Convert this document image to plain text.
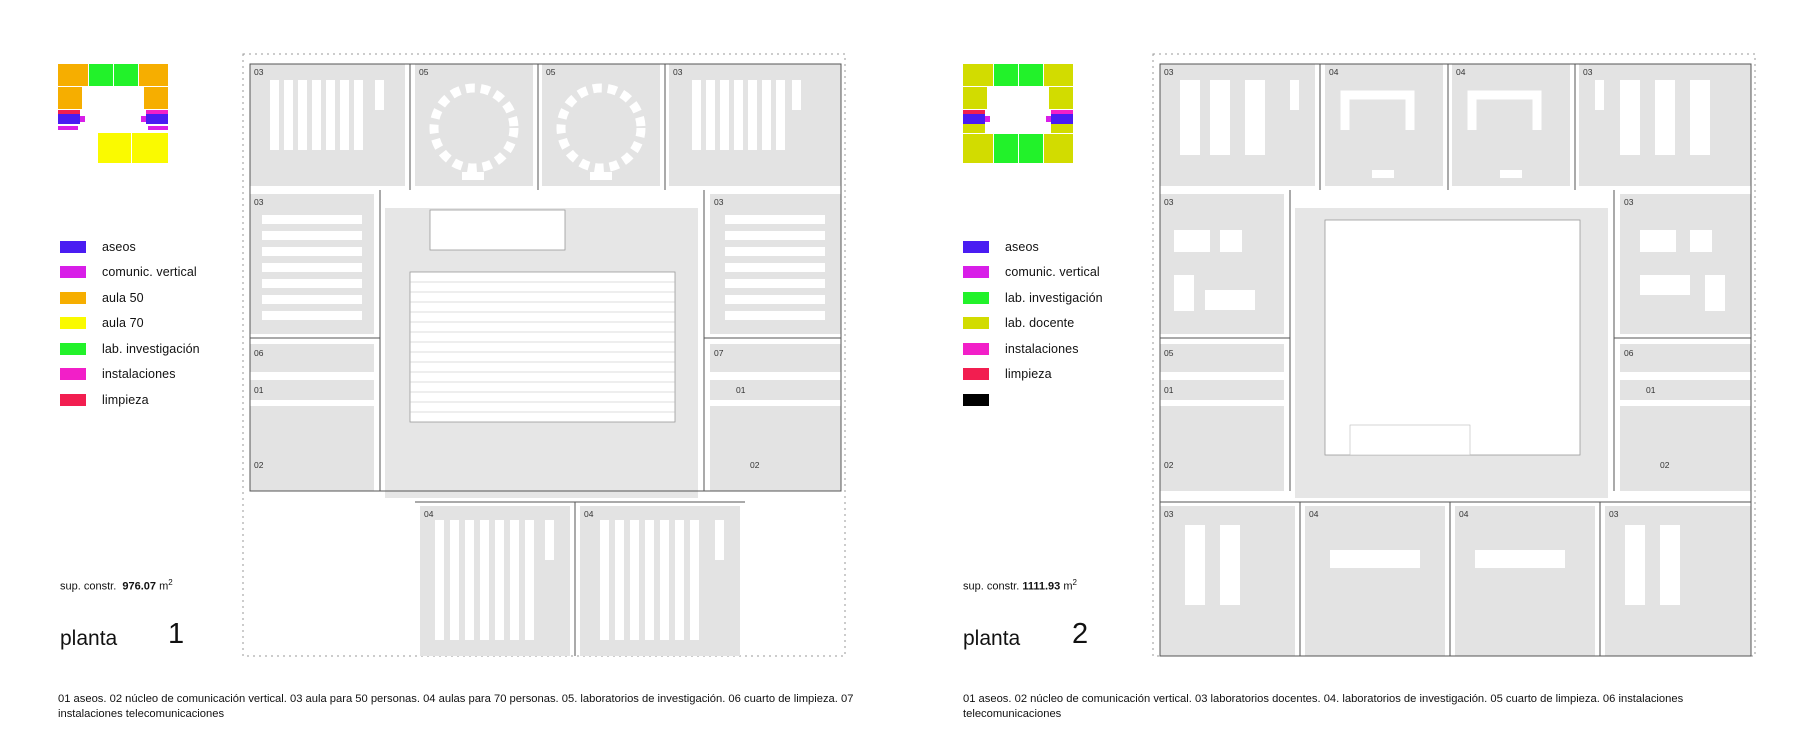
aseos
comunic. vertical
aula 50
aula 70
lab. investigación
instalaciones
limpieza
sup. constr. 976.07 $m^2$
planta 1
03	05	05	03
03	03
06	07
01	01
02	02
04	04
01 aseos. 02 núcleo de comunicación vertical. 03 aula para 50 personas. 04 aulas para 70 personas. 05. laboratorios de investigación. 06 cuarto de limpieza. 07 instalaciones telecomunicaciones
aseos
comunic. vertical
lab. investigación
lab. docente
instalaciones
limpieza
sup. constr. 1111.93 $m^2$
planta 2
03	04	04	03
03	03
05	06
01	01
02	02
03	04	04	03
01 aseos. 02 núcleo de comunicación vertical. 03 laboratorios docentes. 04. laboratorios de investigación. 05 cuarto de limpieza. 06 instalaciones telecomunicaciones
